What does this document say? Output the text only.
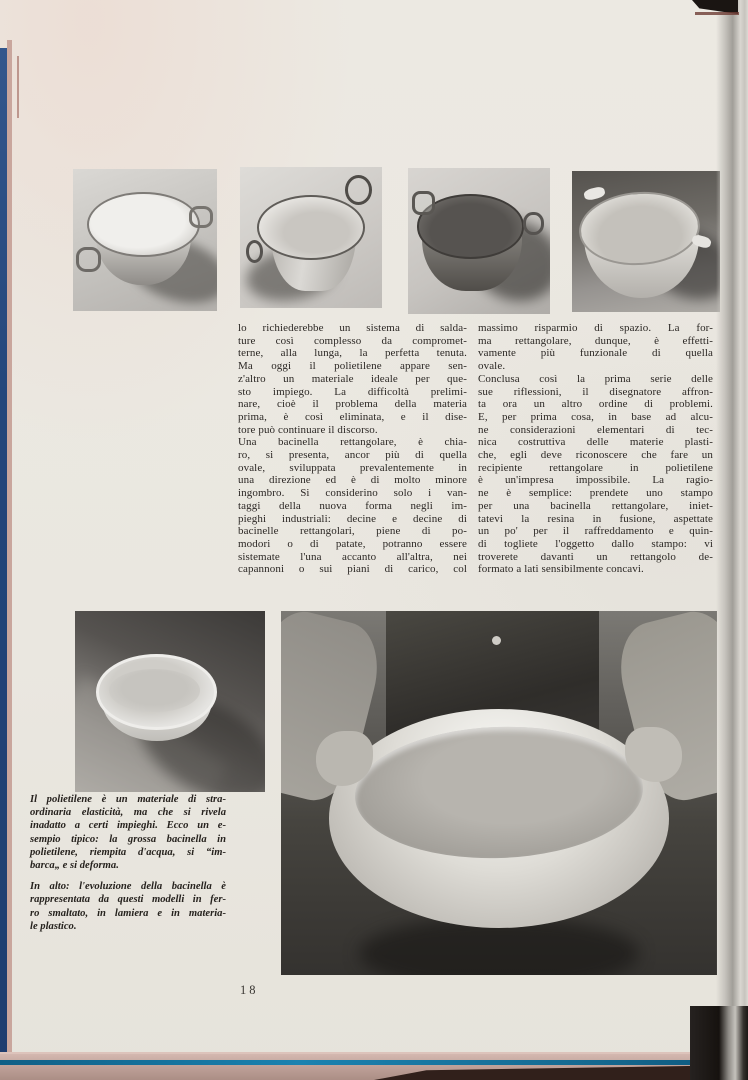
lo richiederebbe un sistema di salda-
ture così complesso da compromet-
terne, alla lunga, la perfetta tenuta.
Ma oggi il polietilene appare sen-
z'altro un materiale ideale per que-
sto impiego. La difficoltà prelimi-
nare, cioè il problema della materia
prima, è così eliminata, e il dise-
tore può continuare il discorso.
Una bacinella rettangolare, è chia-
ro, si presenta, ancor più di quella
ovale, sviluppata prevalentemente in
una direzione ed è di molto minore
ingombro. Si considerino solo i van-
taggi della nuova forma negli im-
pieghi industriali: decine e decine di
bacinelle rettangolari, piene di po-
modori o di patate, potranno essere
sistemate l'una accanto all'altra, nei
capannoni o sui piani di carico, col
massimo risparmio di spazio. La for-
ma rettangolare, dunque, è effetti-
vamente più funzionale di quella
ovale.
Conclusa così la prima serie delle
sue riflessioni, il disegnatore affron-
ta ora un altro ordine di problemi.
E, per prima cosa, in base ad alcu-
ne considerazioni elementari di tec-
nica costruttiva delle materie plasti-
che, egli deve riconoscere che fare un
recipiente rettangolare in polietilene
è un'impresa impossibile. La ragio-
ne è semplice: prendete uno stampo
per una bacinella rettangolare, iniet-
tatevi la resina in fusione, aspettate
un po' per il raffreddamento e quin-
di togliete l'oggetto dallo stampo: vi
troverete davanti un rettangolo de-
formato a lati sensibilmente concavi.
Il polietilene è un materiale di stra-
ordinaria elasticità, ma che si rivela
inadatto a certi impieghi. Ecco un e-
sempio tipico: la grossa bacinella in
polietilene, riempita d'acqua, si “im-
barca„ e si deforma.
In alto: l'evoluzione della bacinella è
rappresentata da questi modelli in fer-
ro smaltato, in lamiera e in materia-
le plastico.
18
